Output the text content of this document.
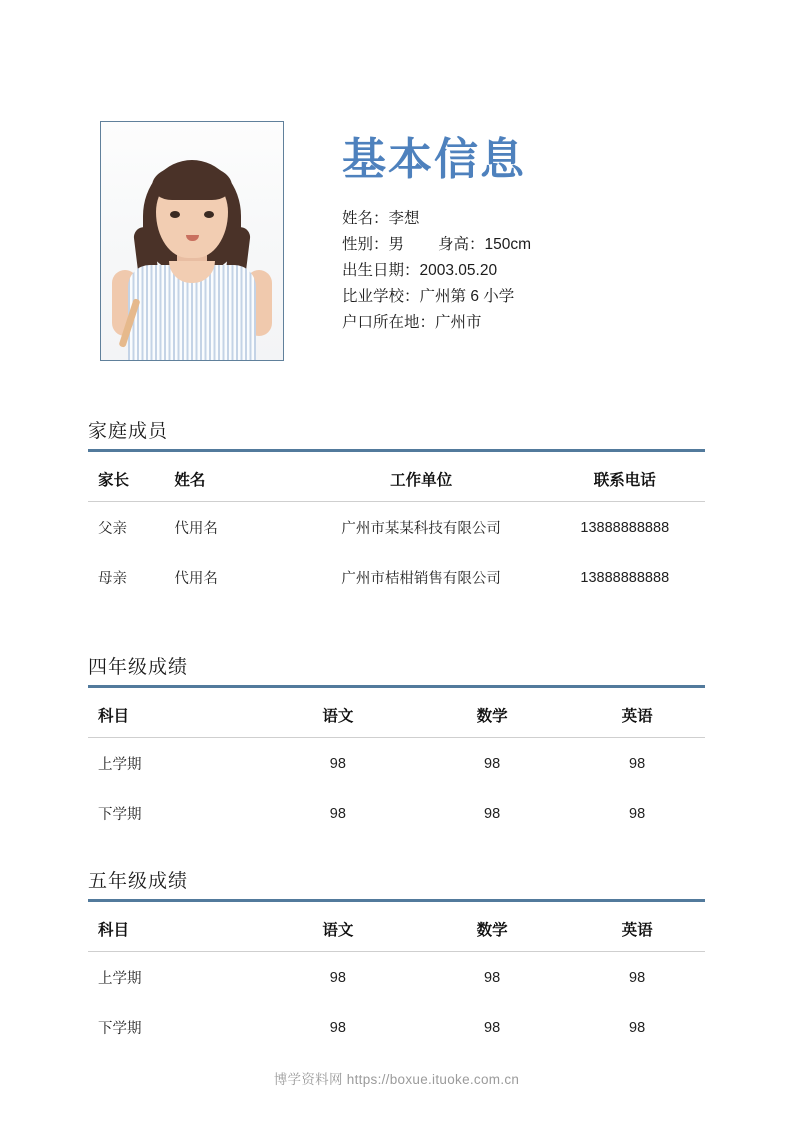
基本信息
姓名：李想
性别：男 身高：150cm
出生日期：2003.05.20
比业学校：广州第 6 小学
户口所在地：广州市
家庭成员
家长	姓名	工作单位	联系电话
父亲	代用名	广州市某某科技有限公司	13888888888
母亲	代用名	广州市桔柑销售有限公司	13888888888
四年级成绩
科目	语文	数学	英语
上学期	98	98	98
下学期	98	98	98
五年级成绩
科目	语文	数学	英语
上学期	98	98	98
下学期	98	98	98
博学资料网 https://boxue.ituoke.com.cn
